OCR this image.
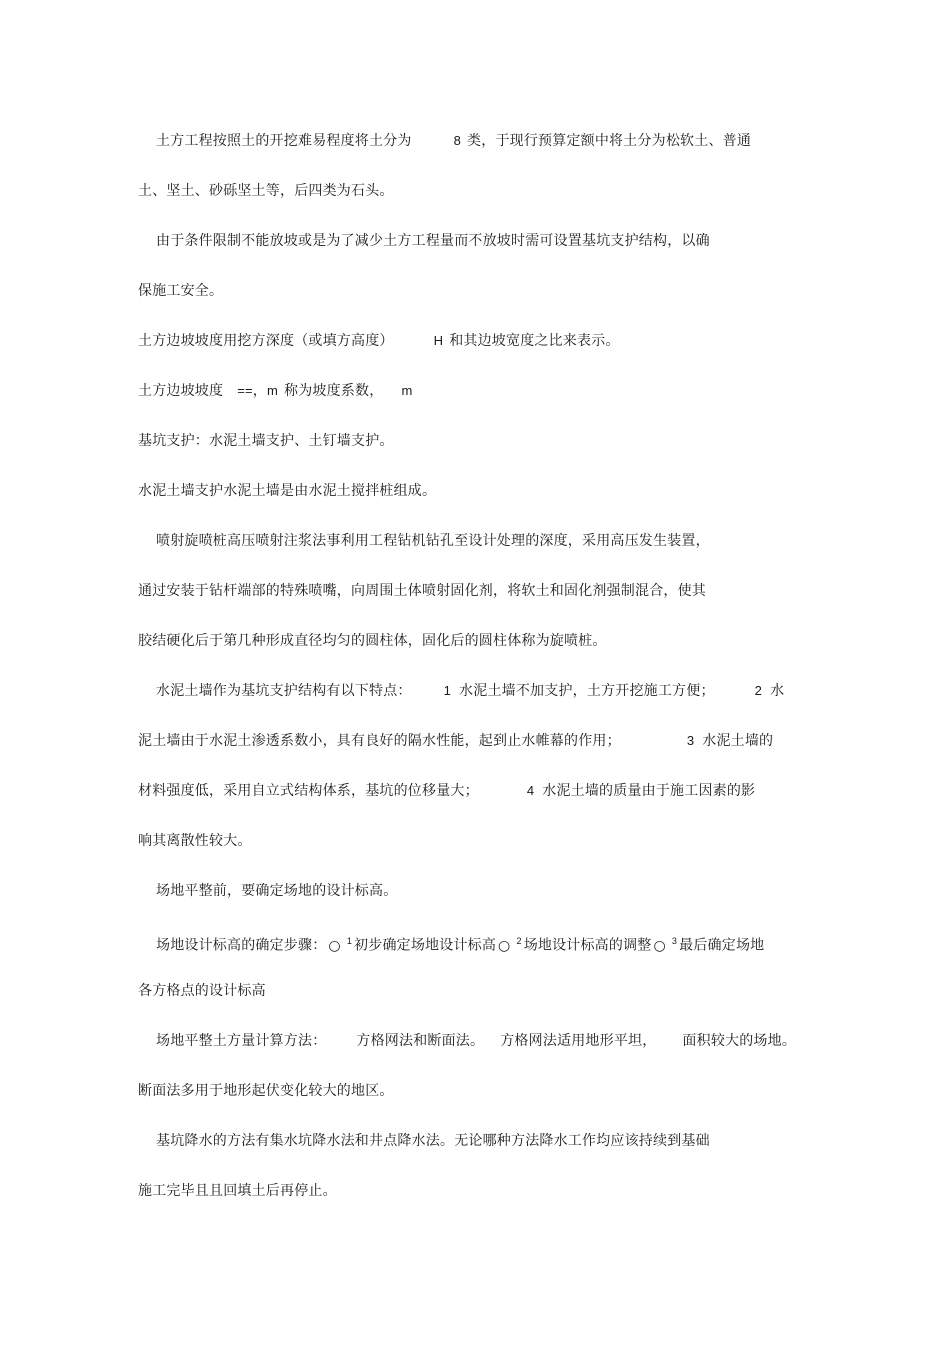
土方工程按照土的开挖难易程度将土分为	8 类，于现行预算定额中将土分为松软土、普通
土、坚土、砂砾坚土等，后四类为石头。
由于条件限制不能放坡或是为了减少土方工程量而不放坡时需可设置基坑支护结构，以确
保施工安全。
土方边坡坡度用挖方深度（或填方高度）	H 和其边坡宽度之比来表示。
土方边坡坡度 ==，m 称为坡度系数， m
基坑支护：水泥土墙支护、土钉墙支护。
水泥土墙支护水泥土墙是由水泥土搅拌桩组成。
喷射旋喷桩高压喷射注浆法事利用工程钻机钻孔至设计处理的深度，采用高压发生装置，
通过安装于钻杆端部的特殊喷嘴，向周围土体喷射固化剂，将软土和固化剂强制混合，使其
胶结硬化后于第几种形成直径均匀的圆柱体，固化后的圆柱体称为旋喷桩。
水泥土墙作为基坑支护结构有以下特点： 1 水泥土墙不加支护，土方开挖施工方便；	2 水
泥土墙由于水泥土渗透系数小，具有良好的隔水性能，起到止水帷幕的作用；	3 水泥土墙的
材料强度低，采用自立式结构体系，基坑的位移量大；	4 水泥土墙的质量由于施工因素的影
响其离散性较大。
场地平整前，要确定场地的设计标高。
场地设计标高的确定步骤： ○ $^1$ 初步确定场地设计标高 ○ $^2$ 场地设计标高的调整 ○ $^3$ 最后确定场地
各方格点的设计标高
场地平整土方量计算方法： 方格网法和断面法。 方格网法适用地形平坦， 面积较大的场地。
断面法多用于地形起伏变化较大的地区。
基坑降水的方法有集水坑降水法和井点降水法。无论哪种方法降水工作均应该持续到基础
施工完毕且且回填土后再停止。
